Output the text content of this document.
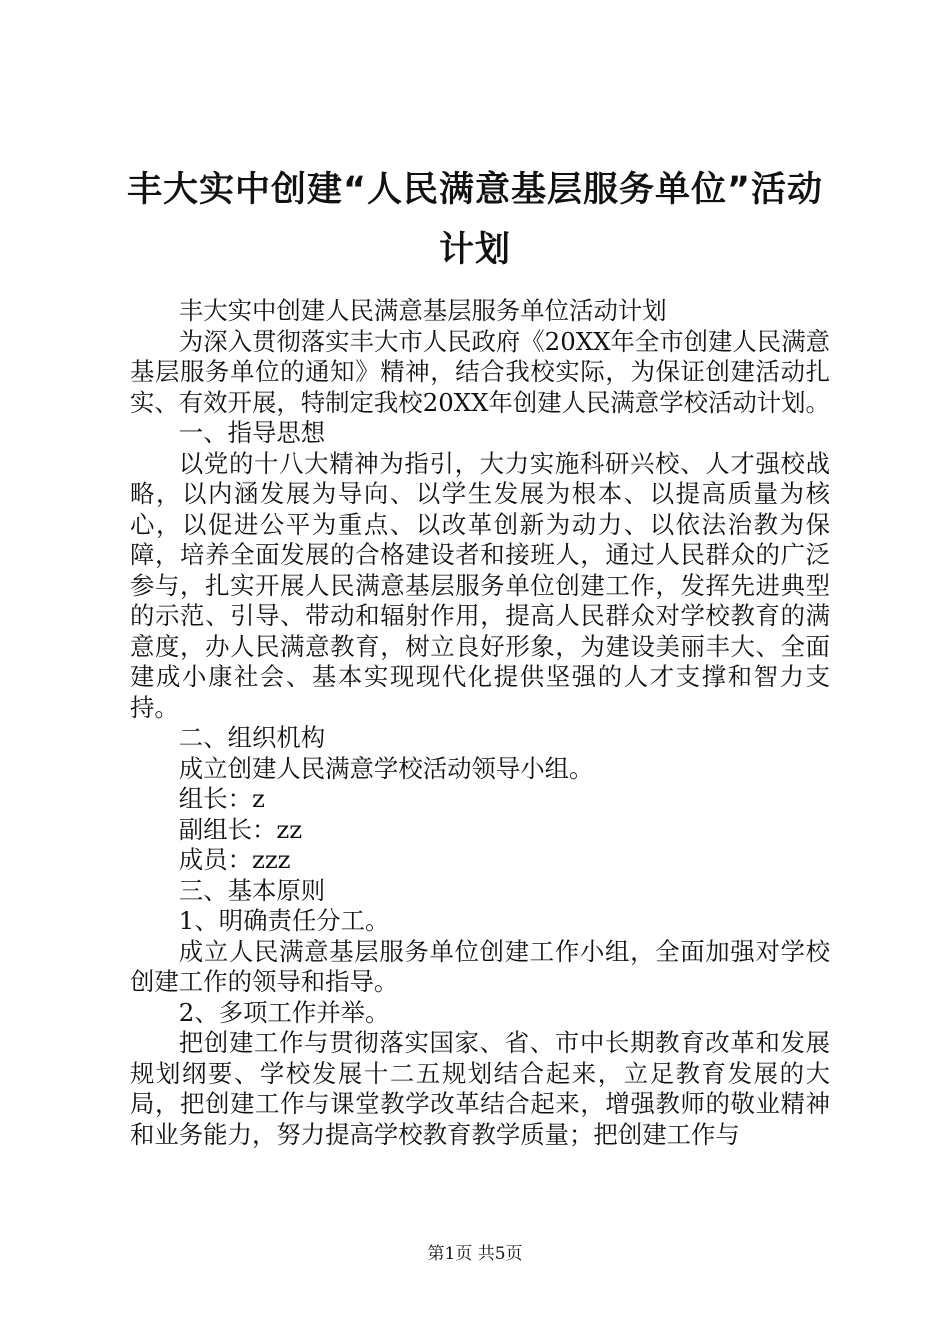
丰大实中创建“人民满意基层服务单位”活动计划

丰大实中创建人民满意基层服务单位活动计划

为深入贯彻落实丰大市人民政府《20XX年全市创建人民满意基层服务单位的通知》精神，结合我校实际，为保证创建活动扎实、有效开展，特制定我校20XX年创建人民满意学校活动计划。

一、指导思想

以党的十八大精神为指引，大力实施科研兴校、人才强校战略，以内涵发展为导向、以学生发展为根本、以提高质量为核心，以促进公平为重点、以改革创新为动力、以依法治教为保障，培养全面发展的合格建设者和接班人，通过人民群众的广泛参与，扎实开展人民满意基层服务单位创建工作，发挥先进典型的示范、引导、带动和辐射作用，提高人民群众对学校教育的满意度，办人民满意教育，树立良好形象，为建设美丽丰大、全面建成小康社会、基本实现现代化提供坚强的人才支撑和智力支持。

二、组织机构

成立创建人民满意学校活动领导小组。

组长：z

副组长：zz

成员：zzz

三、基本原则

1、明确责任分工。

成立人民满意基层服务单位创建工作小组，全面加强对学校创建工作的领导和指导。

2、多项工作并举。

把创建工作与贯彻落实国家、省、市中长期教育改革和发展规划纲要、学校发展十二五规划结合起来，立足教育发展的大局，把创建工作与课堂教学改革结合起来，增强教师的敬业精神和业务能力，努力提高学校教育教学质量；把创建工作与

第1页 共5页
